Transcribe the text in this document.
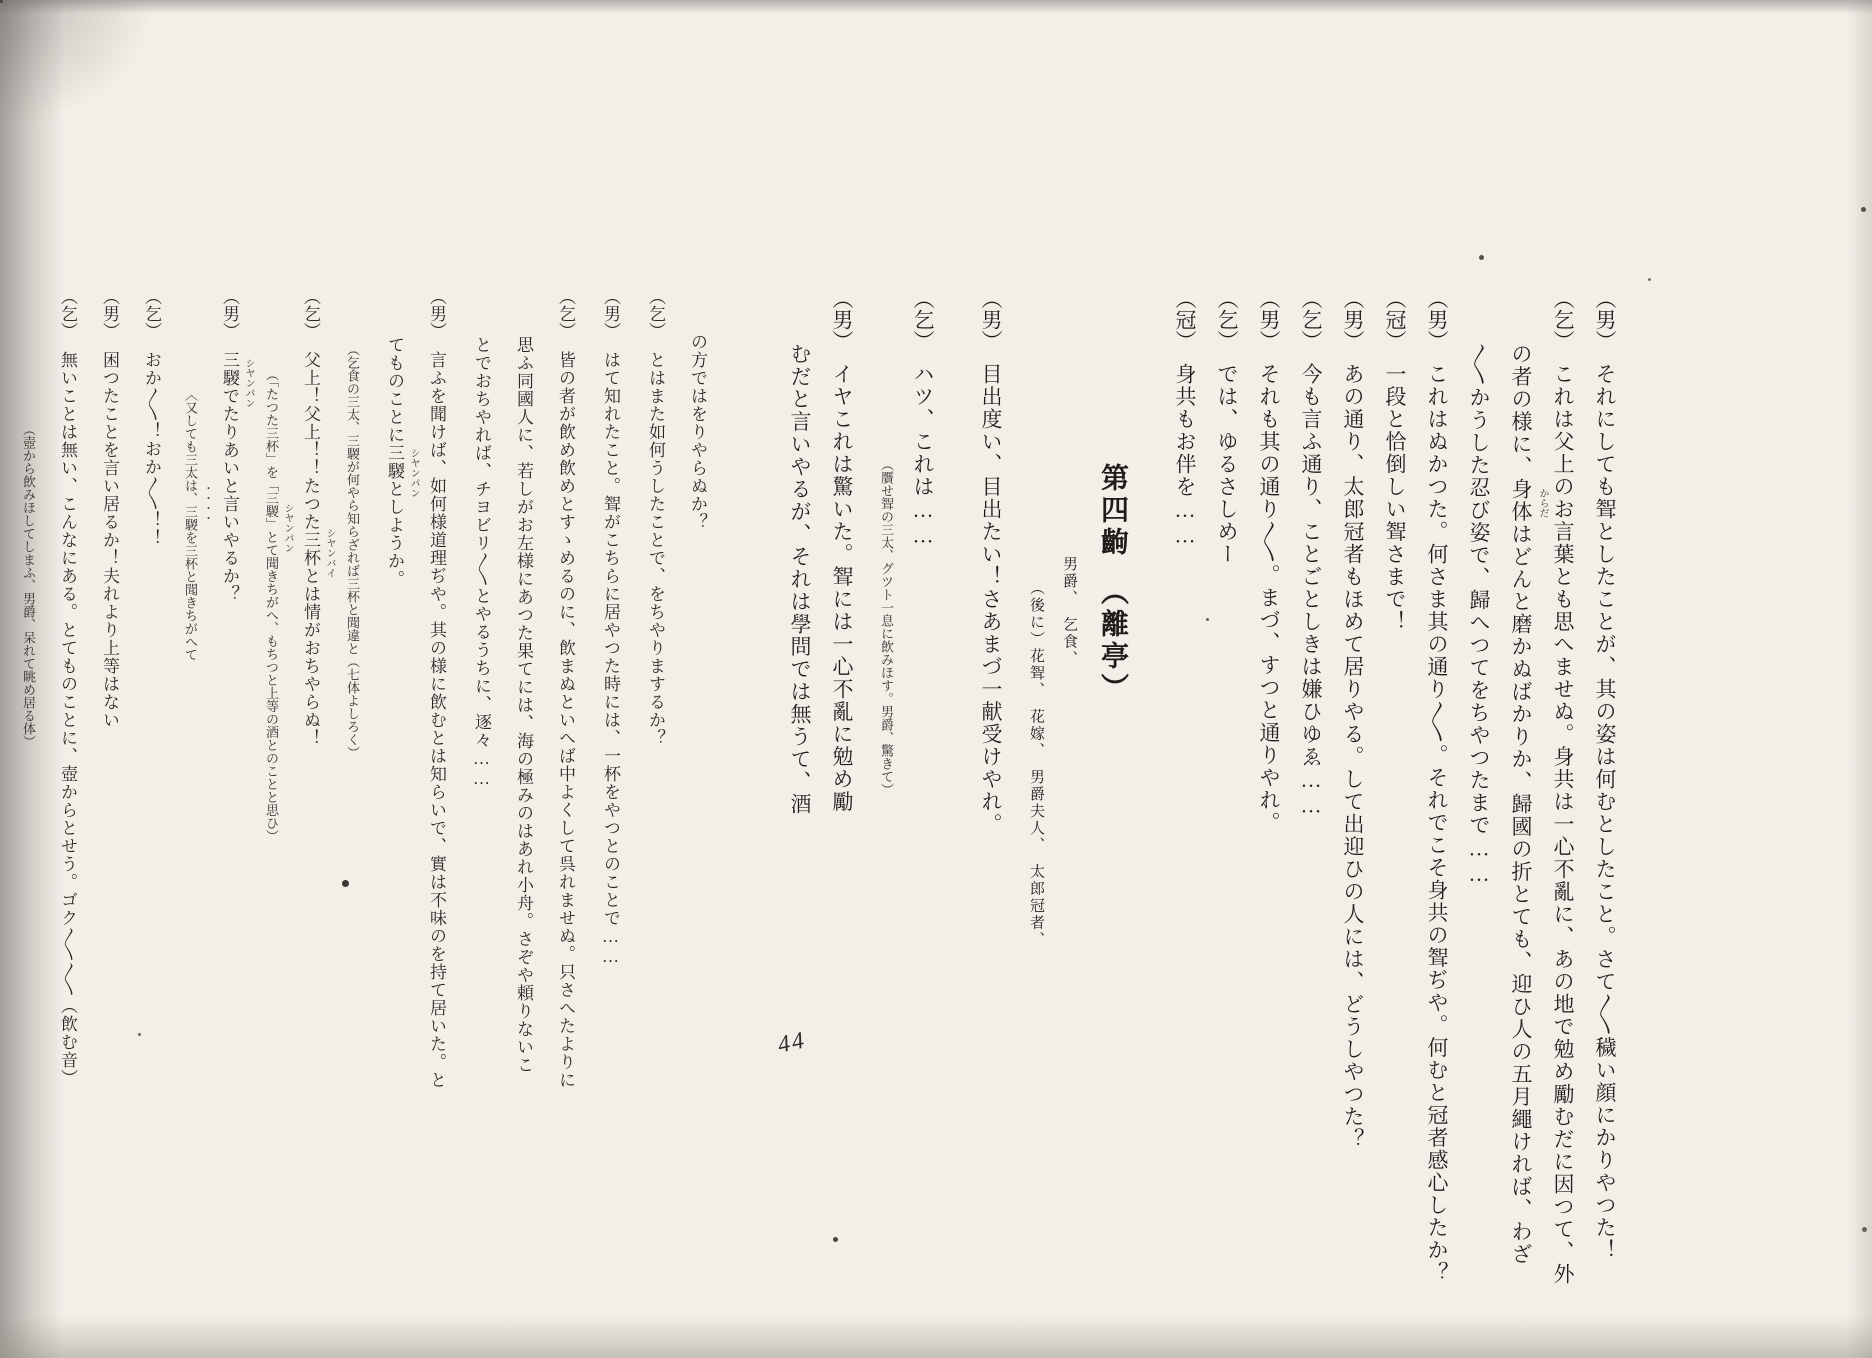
（男）それにしても聟としたことが、其の姿は何むとしたこと。さて〳〵穢い顔にかりやつた！
（乞）これは父上のお言葉とも思へませぬ。身共は一心不亂に、あの地で勉め勵むだに因つて、外
の者の様に、身体はどんと磨かぬばかりか、歸國の折とても、迎ひ人の五月繩ければ、わざ からだ
〳〵かうした忍び姿で、歸へつてをちやつたまで……
（男）これはぬかつた。何さま其の通り〳〵。それでこそ身共の聟ぢや。何むと冠者感心したか？
（冠）一段と恰倒しい聟さまで！
（男）あの通り、太郎冠者もほめて居りやる。して出迎ひの人には、どうしやつた？
（乞）今も言ふ通り、ことごとしきは嫌ひゆゑ……
（男）それも其の通り〳〵。まづ、すつと通りやれ。
（乞）では、ゆるさしめー
（冠）身共もお伴を……
第四齣　（離亭）
男爵、　乞食、
（後に）花聟、　花嫁、　男爵夫人、　太郎冠者、
（男）目出度い、目出たい！さあまづ一献受けやれ。
（乞）ハツ、これは……
（贋せ聟の三太、グツト一息に飲みほす。男爵、驚きて）
（男）イヤこれは驚いた。聟には一心不亂に勉め勵
むだと言いやるが、それは學問では無うて、酒
の方ではをりやらぬか？
（乞）とはまた如何うしたことで、をちやりまするか？
（男）はて知れたこと。聟がこちらに居やつた時には、一杯をやつとのことで……
（乞）皆の者が飲め飲めとすゝめるのに、飲まぬといへば中よくして呉れませぬ。只さへたよりに
思ふ同國人に、若しがお左様にあつた果てには、海の極みのはあれ小舟。さぞや頼りないこ
とでおちやれば、チヨビリ〳〵とやるうちに、逐々……
（男）言ふを聞けば、如何様道理ぢや。其の様に飲むとは知らいで、實は不味のを持て居いた。と
てものことに三騣としようか。 シヤンパン
（乞食の三太、三騣が何やら知らざれば三杯と聞違と（七体よしろく）
（乞）父上！父上！！たつた三杯とは情がおちやらぬ！ シヤンバイ
（「たつた三杯」を「三騣」とて聞きちがへ、もちつと上等の酒とのことと思ひ） シヤンパン
（男）三騣でたりあいと言いやるか？ シヤンパン
〈又しても三太は、三騣を三杯と聞きちがへて ・・・・
（乞）おか〳〵！おか〳〵！！
（男）困つたことを言い居るか！夫れより上等はない
（乞）無いことは無い、こんなにある。とてものことに、壺からとせう。ゴク〳〵〳〵（飲む音）
（壺から飲みほしてしまふ、男爵、呆れて眺め居る体）
44
